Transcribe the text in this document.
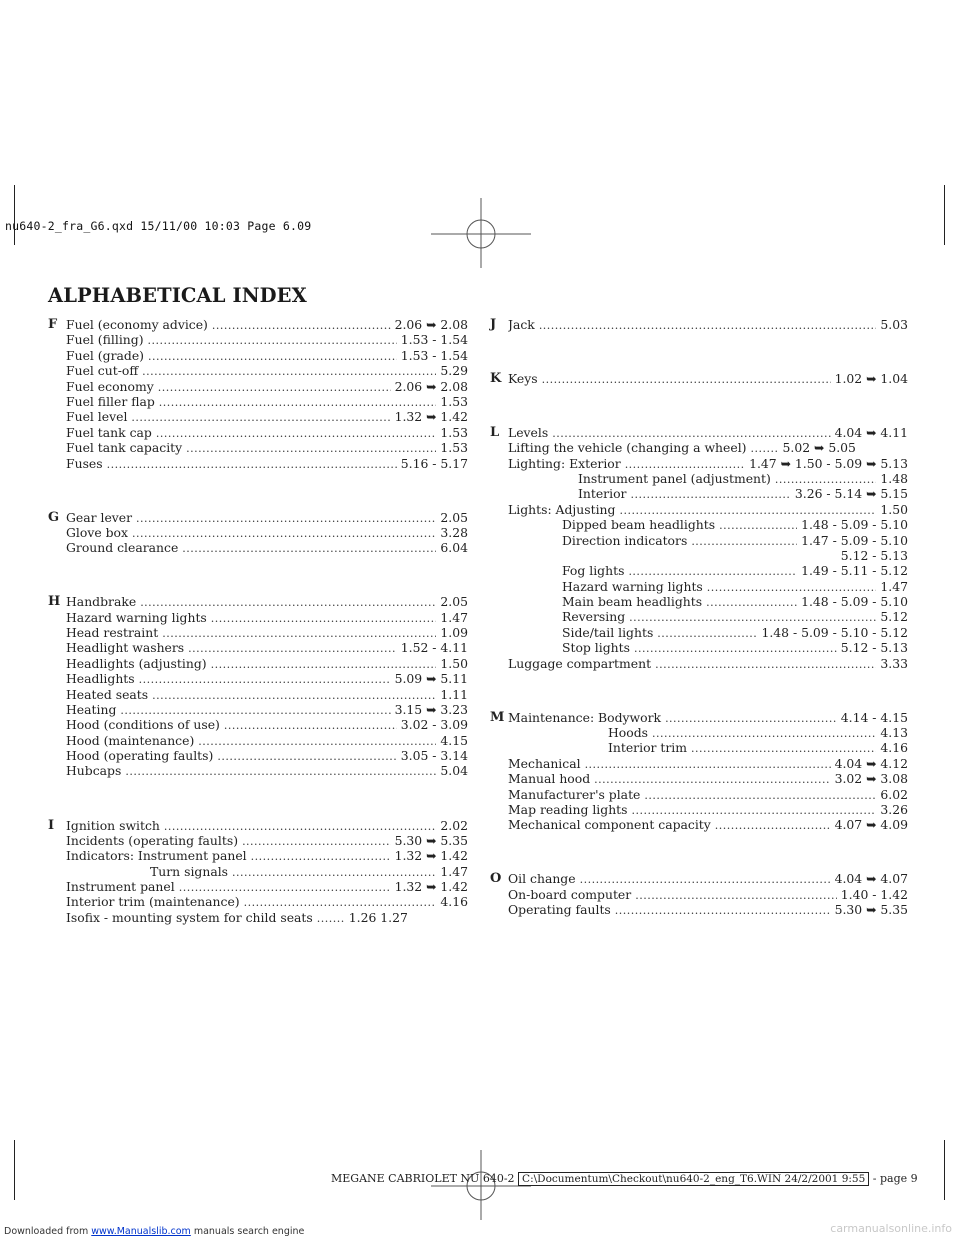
nu640-2_fra_G6.qxd 15/11/00 10:03 Page 6.09
ALPHABETICAL INDEX
F Fuel (economy advice) .....	2.06 ➥ 2.08
Fuel (filling) .....	1.53 - 1.54
Fuel (grade) .....	1.53 - 1.54
Fuel cut-off .....	5.29
Fuel economy .....	2.06 ➥ 2.08
Fuel filler flap .....	1.53
Fuel level .....	1.32 ➥ 1.42
Fuel tank cap .....	1.53
Fuel tank capacity .....	1.53
Fuses .....	5.16 - 5.17
G Gear lever .....	2.05
Glove box .....	3.28
Ground clearance .....	6.04
H Handbrake .....	2.05
Hazard warning lights .....	1.47
Head restraint .....	1.09
Headlight washers .....	1.52 - 4.11
Headlights (adjusting) .....	1.50
Headlights .....	5.09 ➥ 5.11
Heated seats .....	1.11
Heating .....	3.15 ➥ 3.23
Hood (conditions of use) .....	3.02 - 3.09
Hood (maintenance) .....	4.15
Hood (operating faults) .....	3.05 - 3.14
Hubcaps .....	5.04
I Ignition switch .....	2.02
Incidents (operating faults) .....	5.30 ➥ 5.35
Indicators: Instrument panel .....	1.32 ➥ 1.42
Turn signals .....	1.47
Instrument panel .....	1.32 ➥ 1.42
Interior trim (maintenance) .....	4.16
Isofix - mounting system for child seats .....	1.26 1.27
J Jack .....	5.03
K Keys .....	1.02 ➥ 1.04
L Levels .....	4.04 ➥ 4.11
Lifting the vehicle (changing a wheel) .....	5.02 ➥ 5.05
Lighting: Exterior .....	1.47 ➥ 1.50 - 5.09 ➥ 5.13
Instrument panel (adjustment) .....	1.48
Interior .....	3.26 - 5.14 ➥ 5.15
Lights: Adjusting .....	1.50
Dipped beam headlights .....	1.48 - 5.09 - 5.10
Direction indicators .....	1.47 - 5.09 - 5.10
5.12 - 5.13
Fog lights .....	1.49 - 5.11 - 5.12
Hazard warning lights .....	1.47
Main beam headlights .....	1.48 - 5.09 - 5.10
Reversing .....	5.12
Side/tail lights .....	1.48 - 5.09 - 5.10 - 5.12
Stop lights .....	5.12 - 5.13
Luggage compartment .....	3.33
M Maintenance: Bodywork .....	4.14 - 4.15
Hoods .....	4.13
Interior trim .....	4.16
Mechanical .....	4.04 ➥ 4.12
Manual hood .....	3.02 ➥ 3.08
Manufacturer's plate .....	6.02
Map reading lights .....	3.26
Mechanical component capacity .....	4.07 ➥ 4.09
O Oil change .....	4.04 ➥ 4.07
On-board computer .....	1.40 - 1.42
Operating faults .....	5.30 ➥ 5.35
MEGANE CABRIOLET NU 640-2 C:\Documentum\Checkout\nu640-2_eng_T6.WIN 24/2/2001 9:55 - page 9
Downloaded from www.Manualslib.com manuals search engine	carmanualsonline.info
